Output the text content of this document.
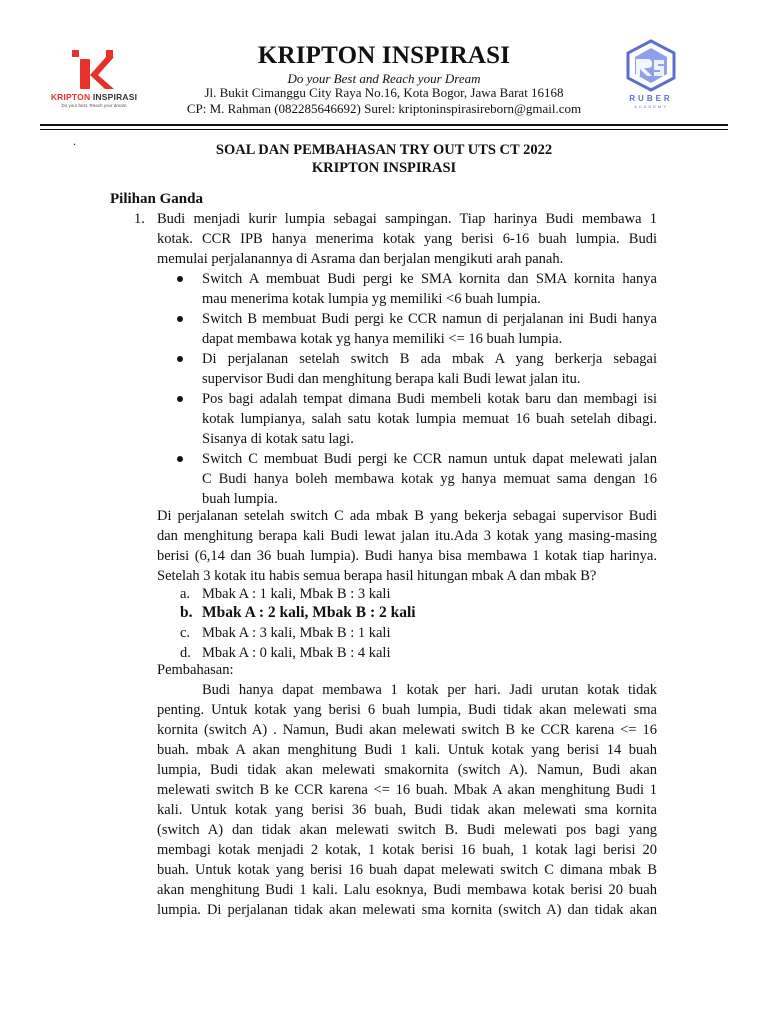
KRIPTON INSPIRASI
Do your best. Reach your dream
RUBER
ACADEMY
KRIPTON INSPIRASI
Do your Best and Reach your Dream
Jl. Bukit Cimanggu City Raya No.16, Kota Bogor, Jawa Barat 16168
CP: M. Rahman (082285646692) Surel: kriptoninspirasireborn@gmail.com
.
SOAL DAN PEMBAHASAN TRY OUT UTS CT 2022
KRIPTON INSPIRASI
Pilihan Ganda
1. Budi menjadi kurir lumpia sebagai sampingan. Tiap harinya Budi membawa 1
kotak. CCR IPB hanya menerima kotak yang berisi 6-16 buah lumpia. Budi
memulai perjalanannya di Asrama dan berjalan mengikuti arah panah.
Switch A membuat Budi pergi ke SMA kornita dan SMA kornita hanya
mau menerima kotak lumpia yg memiliki <6 buah lumpia.
Switch B membuat Budi pergi ke CCR namun di perjalanan ini Budi hanya
dapat membawa kotak yg hanya memiliki <= 16 buah lumpia.
Di perjalanan setelah switch B ada mbak A yang berkerja sebagai
supervisor Budi dan menghitung berapa kali Budi lewat jalan itu.
Pos bagi adalah tempat dimana Budi membeli kotak baru dan membagi isi
kotak lumpianya, salah satu kotak lumpia memuat 16 buah setelah dibagi.
Sisanya di kotak satu lagi.
Switch C membuat Budi pergi ke CCR namun untuk dapat melewati jalan
C Budi hanya boleh membawa kotak yg hanya memuat sama dengan 16
buah lumpia.
Di perjalanan setelah switch C ada mbak B yang bekerja sebagai supervisor Budi
dan menghitung berapa kali Budi lewat jalan itu.Ada 3 kotak yang masing-masing
berisi (6,14 dan 36 buah lumpia). Budi hanya bisa membawa 1 kotak tiap harinya.
Setelah 3 kotak itu habis semua berapa hasil hitungan mbak A dan mbak B?
a. Mbak A : 1 kali, Mbak B : 3 kali
b. Mbak A : 2 kali, Mbak B : 2 kali
c. Mbak A : 3 kali, Mbak B : 1 kali
d. Mbak A : 0 kali, Mbak B : 4 kali
Pembahasan:
Budi hanya dapat membawa 1 kotak per hari. Jadi urutan kotak tidak
penting. Untuk kotak yang berisi 6 buah lumpia, Budi tidak akan melewati sma
kornita (switch A) . Namun, Budi akan melewati switch B ke CCR karena <= 16
buah. mbak A akan menghitung Budi 1 kali. Untuk kotak yang berisi 14 buah
lumpia, Budi tidak akan melewati smakornita (switch A). Namun, Budi akan
melewati switch B ke CCR karena <= 16 buah. Mbak A akan menghitung Budi 1
kali. Untuk kotak yang berisi 36 buah, Budi tidak akan melewati sma kornita
(switch A) dan tidak akan melewati switch B. Budi melewati pos bagi yang
membagi kotak menjadi 2 kotak, 1 kotak berisi 16 buah, 1 kotak lagi berisi 20
buah. Untuk kotak yang berisi 16 buah dapat melewati switch C dimana mbak B
akan menghitung Budi 1 kali. Lalu esoknya, Budi membawa kotak berisi 20 buah
lumpia. Di perjalanan tidak akan melewati sma kornita (switch A) dan tidak akan
